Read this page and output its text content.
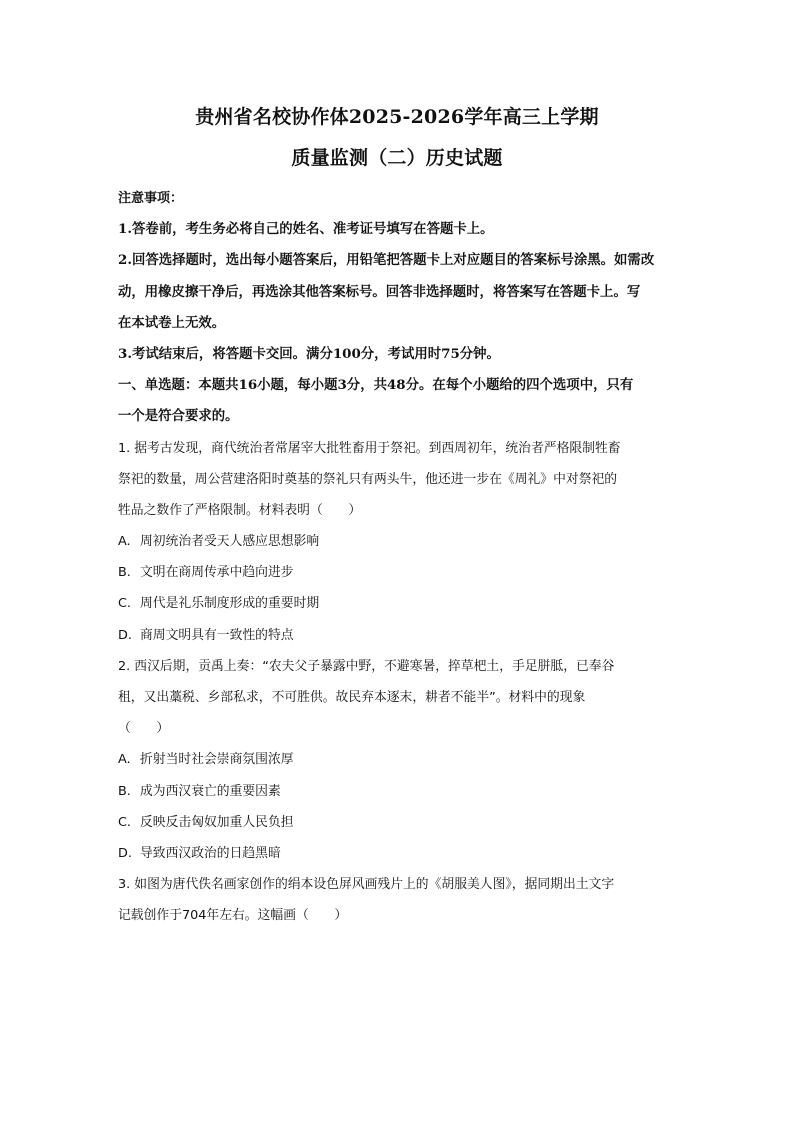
贵州省名校协作体2025-2026学年高三上学期
质量监测（二）历史试题
注意事项：
1.答卷前，考生务必将自己的姓名、准考证号填写在答题卡上。
2.回答选择题时，选出每小题答案后，用铅笔把答题卡上对应题目的答案标号涂黑。如需改
动，用橡皮擦干净后，再选涂其他答案标号。回答非选择题时，将答案写在答题卡上。写
在本试卷上无效。
3.考试结束后，将答题卡交回。满分100分，考试用时75分钟。
一、单选题：本题共16小题，每小题3分，共48分。在每个小题给的四个选项中，只有
一个是符合要求的。
1. 据考古发现，商代统治者常屠宰大批牲畜用于祭祀。到西周初年，统治者严格限制牲畜
祭祀的数量，周公营建洛阳时奠基的祭礼只有两头牛，他还进一步在《周礼》中对祭祀的
牲品之数作了严格限制。材料表明（　　）
A. 周初统治者受天人感应思想影响
B. 文明在商周传承中趋向进步
C. 周代是礼乐制度形成的重要时期
D. 商周文明具有一致性的特点
2. 西汉后期，贡禹上奏：“农夫父子暴露中野，不避寒暑，捽草杷土，手足胼胝，已奉谷
租，又出藁税、乡部私求，不可胜供。故民弃本逐末，耕者不能半”。材料中的现象
（　　）
A. 折射当时社会崇商氛围浓厚
B. 成为西汉衰亡的重要因素
C. 反映反击匈奴加重人民负担
D. 导致西汉政治的日趋黑暗
3. 如图为唐代佚名画家创作的绢本设色屏风画残片上的《胡服美人图》，据同期出土文字
记载创作于704年左右。这幅画（　　）
